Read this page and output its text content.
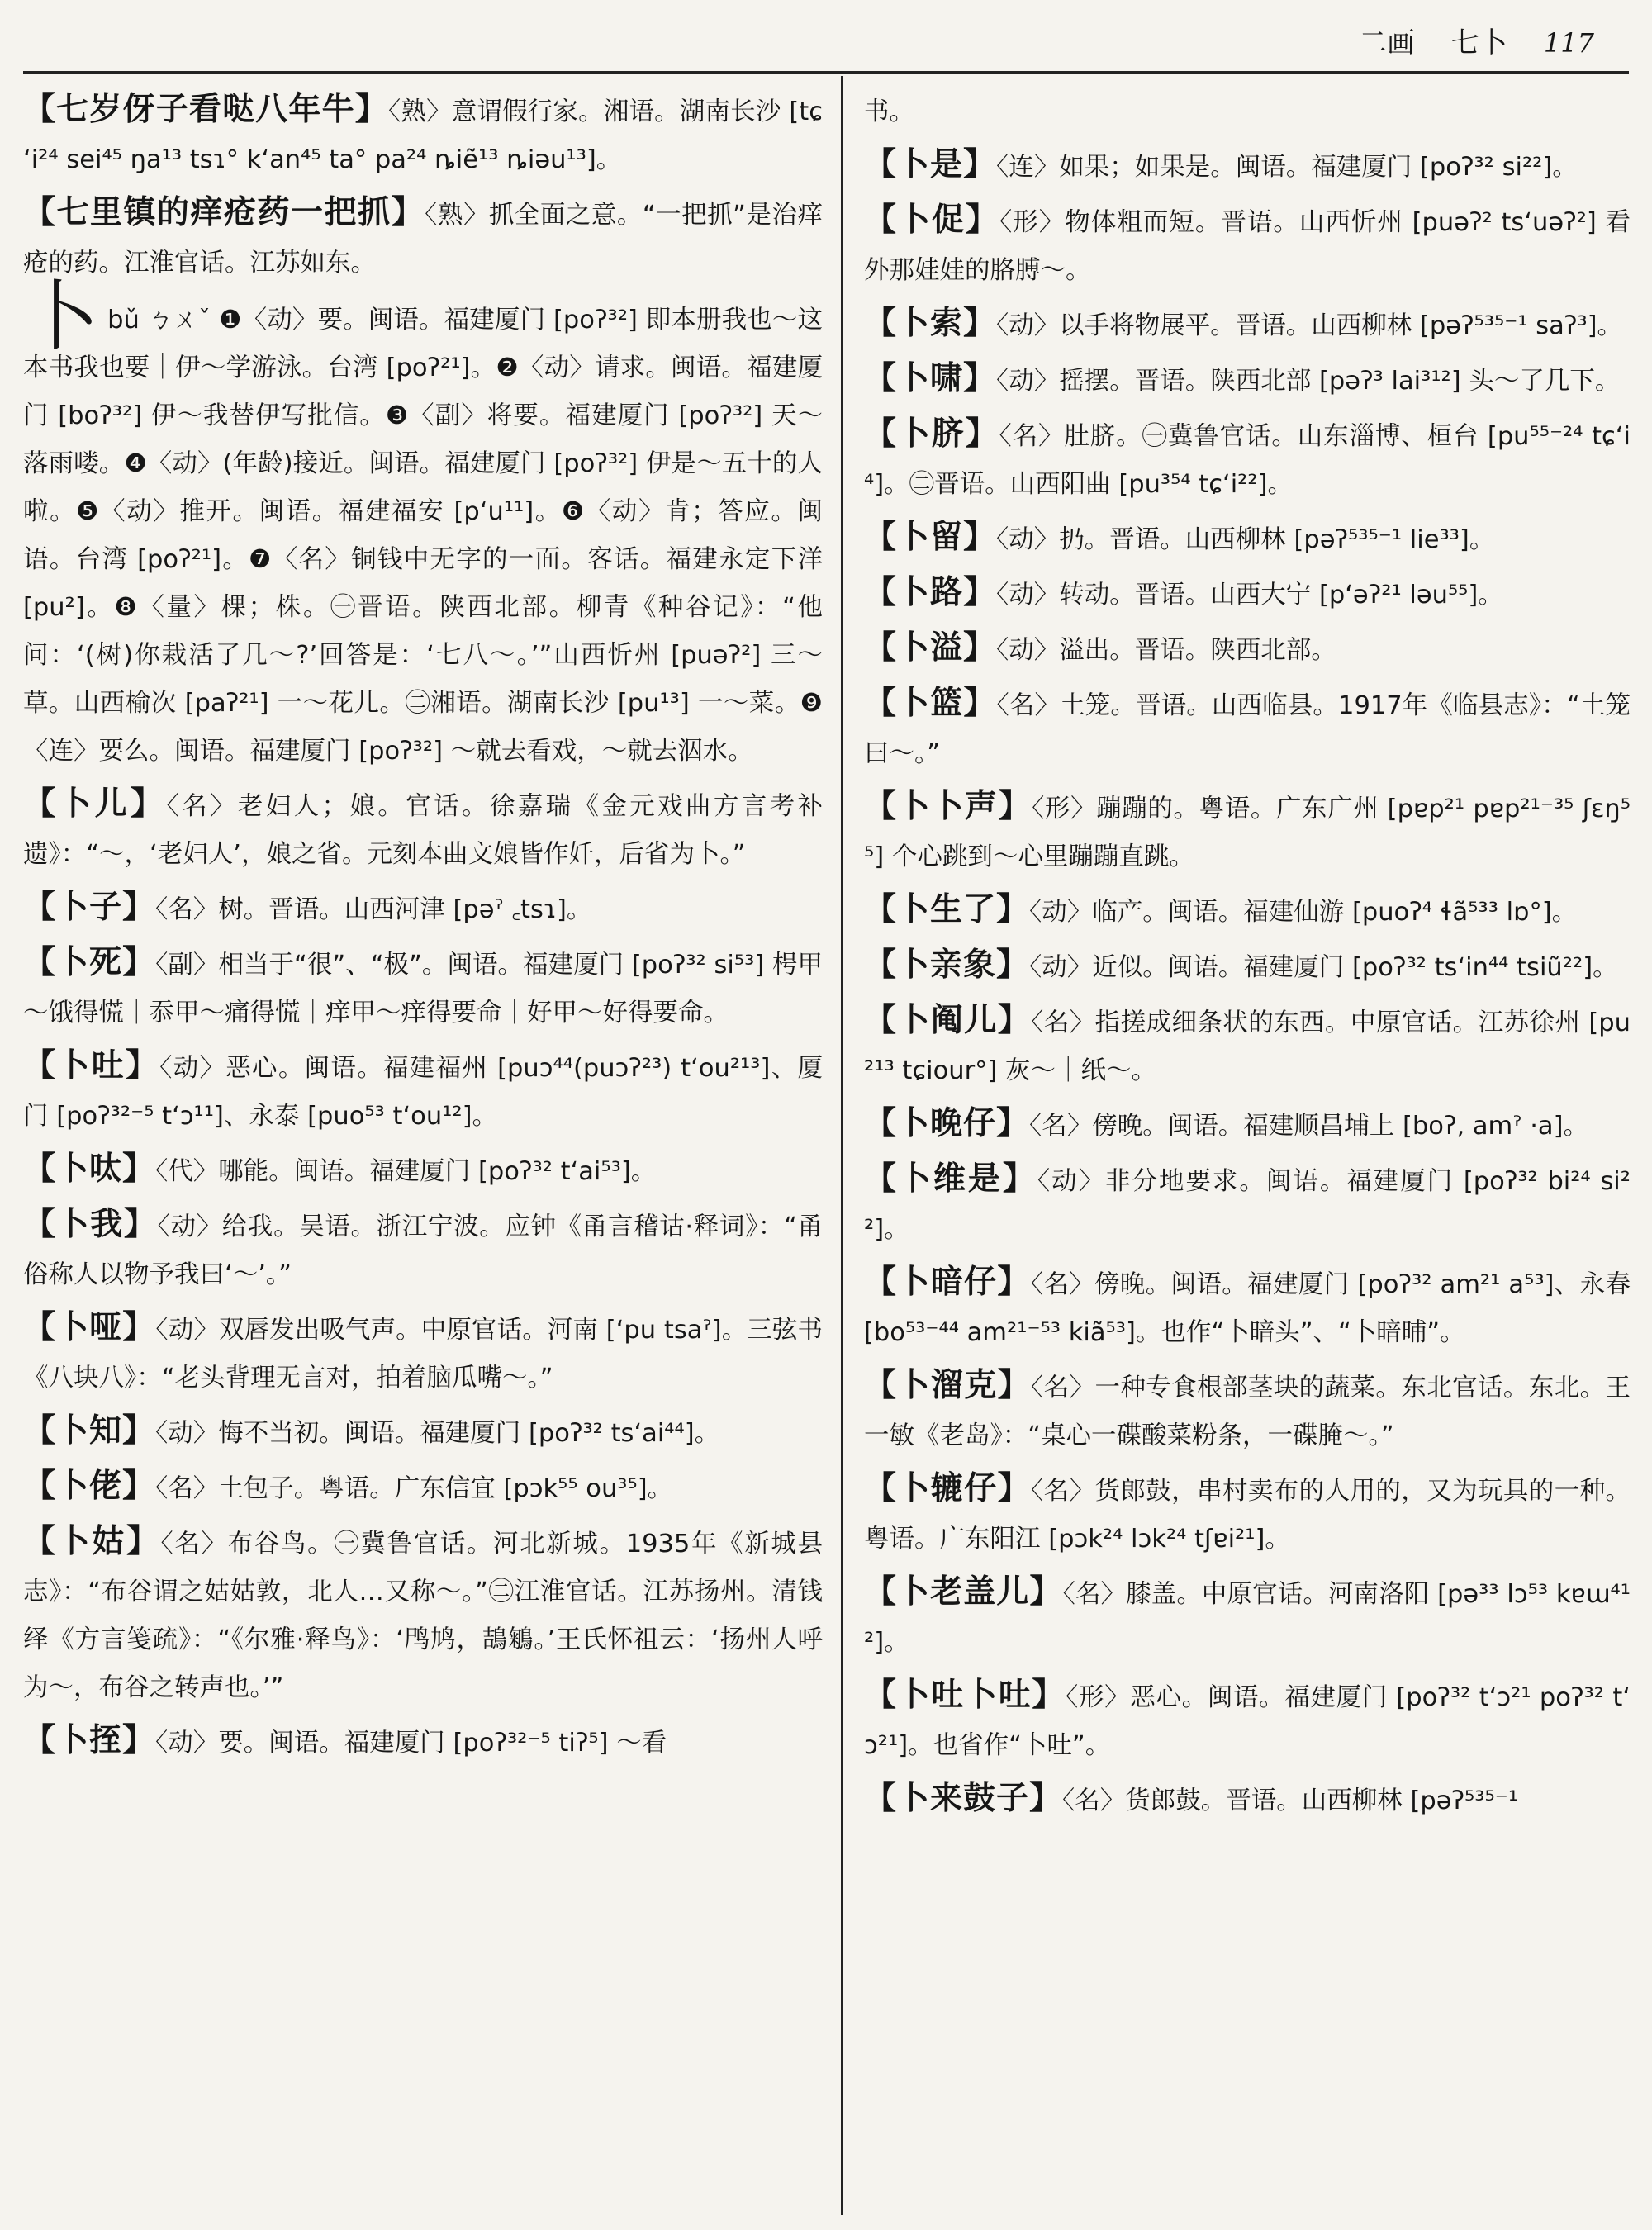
二画 七卜 117

【七岁伢子看哒八年牛】〈熟〉意谓假行家。湘语。湖南长沙 [tɕʻi²⁴ sei⁴⁵ ŋa¹³ tsɿ° kʻan⁴⁵ ta° pa²⁴ ȵiẽ¹³ ȵiəu¹³]。

【七里镇的痒疮药一把抓】〈熟〉抓全面之意。“一把抓”是治痒疮的药。江淮官话。江苏如东。

卜bǔ ㄅㄨˇ ❶〈动〉要。闽语。福建厦门 [poʔ³²] 即本册我也～这本书我也要｜伊～学游泳。台湾 [poʔ²¹]。❷〈动〉请求。闽语。福建厦门 [boʔ³²] 伊～我替伊写批信。❸〈副〉将要。福建厦门 [poʔ³²] 天～落雨喽。❹〈动〉(年龄)接近。闽语。福建厦门 [poʔ³²] 伊是～五十的人啦。❺〈动〉推开。闽语。福建福安 [pʻu¹¹]。❻〈动〉肯；答应。闽语。台湾 [poʔ²¹]。❼〈名〉铜钱中无字的一面。客话。福建永定下洋 [pu²]。❽〈量〉棵；株。㊀晋语。陕西北部。柳青《种谷记》：“他问：‘(树)你栽活了几～?’回答是：‘七八～。’”山西忻州 [puəʔ²] 三～草。山西榆次 [paʔ²¹] 一～花儿。㊁湘语。湖南长沙 [pu¹³] 一～菜。❾〈连〉要么。闽语。福建厦门 [poʔ³²] ～就去看戏，～就去泅水。

【卜儿】〈名〉老妇人；娘。官话。徐嘉瑞《金元戏曲方言考补遗》：“～，‘老妇人’，娘之省。元刻本曲文娘皆作奷，后省为卜。”

【卜子】〈名〉树。晋语。山西河津 [pəˀ ꜀tsɿ]。

【卜死】〈副〉相当于“很”、“极”。闽语。福建厦门 [poʔ³² si⁵³] 枵甲～饿得慌｜忝甲～痛得慌｜痒甲～痒得要命｜好甲～好得要命。

【卜吐】〈动〉恶心。闽语。福建福州 [puɔ⁴⁴(puɔʔ²³) tʻou²¹³]、厦门 [poʔ³²⁻⁵ tʻɔ¹¹]、永泰 [puo⁵³ tʻou¹²]。

【卜呔】〈代〉哪能。闽语。福建厦门 [poʔ³² tʻai⁵³]。

【卜我】〈动〉给我。吴语。浙江宁波。应钟《甬言稽诂·释词》：“甬俗称人以物予我曰‘～’。”

【卜哑】〈动〉双唇发出吸气声。中原官话。河南 [ʻpu tsaˀ]。三弦书《八块八》：“老头背理无言对，拍着脑瓜嘴～。”

【卜知】〈动〉悔不当初。闽语。福建厦门 [poʔ³² tsʻai⁴⁴]。

【卜佬】〈名〉土包子。粤语。广东信宜 [pɔk⁵⁵ ou³⁵]。

【卜姑】〈名〉布谷鸟。㊀冀鲁官话。河北新城。1935年《新城县志》：“布谷谓之姑姑敦，北人…又称～。”㊁江淮官话。江苏扬州。清钱绎《方言笺疏》：“《尔雅·释鸟》：‘鸤鸠，鴶鵴。’王氏怀祖云：‘扬州人呼为～，布谷之转声也。’”

【卜挃】〈动〉要。闽语。福建厦门 [poʔ³²⁻⁵ tiʔ⁵] ～看

书。

【卜是】〈连〉如果；如果是。闽语。福建厦门 [poʔ³² si²²]。

【卜促】〈形〉物体粗而短。晋语。山西忻州 [puəʔ² tsʻuəʔ²] 看外那娃娃的胳膊～。

【卜索】〈动〉以手将物展平。晋语。山西柳林 [pəʔ⁵³⁵⁻¹ saʔ³]。

【卜啸】〈动〉摇摆。晋语。陕西北部 [pəʔ³ lai³¹²] 头～了几下。

【卜脐】〈名〉肚脐。㊀冀鲁官话。山东淄博、桓台 [pu⁵⁵⁻²⁴ tɕʻi⁴]。㊁晋语。山西阳曲 [pu³⁵⁴ tɕʻi²²]。

【卜留】〈动〉扔。晋语。山西柳林 [pəʔ⁵³⁵⁻¹ lie³³]。

【卜路】〈动〉转动。晋语。山西大宁 [pʻəʔ²¹ ləu⁵⁵]。

【卜溢】〈动〉溢出。晋语。陕西北部。

【卜篮】〈名〉土笼。晋语。山西临县。1917年《临县志》：“土笼曰～。”

【卜卜声】〈形〉蹦蹦的。粤语。广东广州 [pɐp²¹ pɐp²¹⁻³⁵ ʃɛŋ⁵⁵] 个心跳到～心里蹦蹦直跳。

【卜生了】〈动〉临产。闽语。福建仙游 [puoʔ⁴ ɬã⁵³³ lɒ°]。

【卜亲象】〈动〉近似。闽语。福建厦门 [poʔ³² tsʻin⁴⁴ tsiũ²²]。

【卜阄儿】〈名〉指搓成细条状的东西。中原官话。江苏徐州 [pu²¹³ tɕiour°] 灰～｜纸～。

【卜晚仔】〈名〉傍晚。闽语。福建顺昌埔上 [boʔ, amˀ ·a]。

【卜维是】〈动〉非分地要求。闽语。福建厦门 [poʔ³² bi²⁴ si²²]。

【卜暗仔】〈名〉傍晚。闽语。福建厦门 [poʔ³² am²¹ a⁵³]、永春 [bo⁵³⁻⁴⁴ am²¹⁻⁵³ kiã⁵³]。也作“卜暗头”、“卜暗晡”。

【卜溜克】〈名〉一种专食根部茎块的蔬菜。东北官话。东北。王一敏《老岛》：“桌心一碟酸菜粉条，一碟腌～。”

【卜辘仔】〈名〉货郎鼓，串村卖布的人用的，又为玩具的一种。粤语。广东阳江 [pɔk²⁴ lɔk²⁴ tʃɐi²¹]。

【卜老盖儿】〈名〉膝盖。中原官话。河南洛阳 [pə³³ lɔ⁵³ kɐɯ⁴¹²]。

【卜吐卜吐】〈形〉恶心。闽语。福建厦门 [poʔ³² tʻɔ²¹ poʔ³² tʻɔ²¹]。也省作“卜吐”。

【卜来鼓子】〈名〉货郎鼓。晋语。山西柳林 [pəʔ⁵³⁵⁻¹
